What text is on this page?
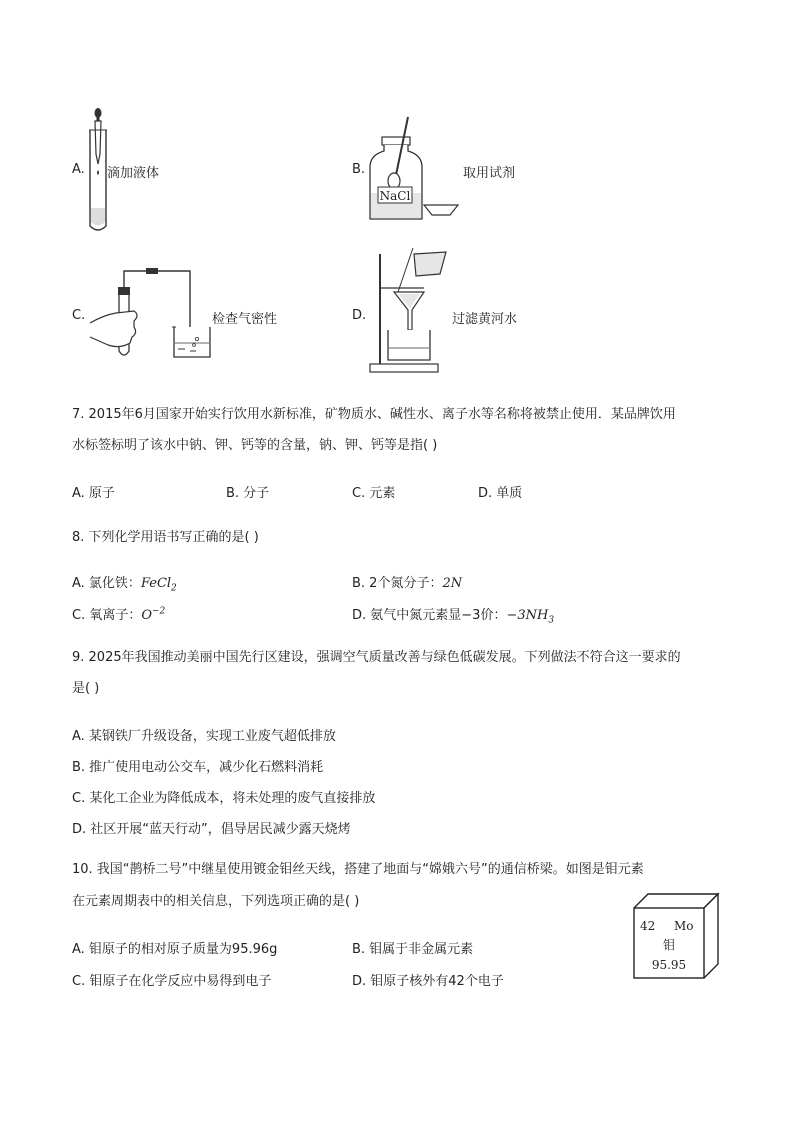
A. 滴加液体	B.
NaCl
取用试剂
C.	检查气密性	D.	过滤黄河水
7. 2015年6月国家开始实行饮用水新标准，矿物质水、碱性水、离子水等名称将被禁止使用．某品牌饮用
水标签标明了该水中钠、钾、钙等的含量，钠、钾、钙等是指( )
A. 原子	B. 分子	C. 元素	D. 单质
8. 下列化学用语书写正确的是( )
A. 氯化铁：FeCl$_2$	B. 2个氮分子：2N
C. 氧离子：$O^{-2}$	D. 氨气中氮元素显−3价：$-3NH_3$
9. 2025年我国推动美丽中国先行区建设，强调空气质量改善与绿色低碳发展。下列做法不符合这一要求的
是( )
A. 某钢铁厂升级设备，实现工业废气超低排放
B. 推广使用电动公交车，减少化石燃料消耗
C. 某化工企业为降低成本，将未处理的废气直接排放
D. 社区开展“蓝天行动”，倡导居民减少露天烧烤
10. 我国“鹊桥二号”中继星使用镀金钼丝天线，搭建了地面与“嫦娥六号”的通信桥梁。如图是钼元素
在元素周期表中的相关信息，下列选项正确的是( )
A. 钼原子的相对原子质量为95.96g	B. 钼属于非金属元素
C. 钼原子在化学反应中易得到电子	D. 钼原子核外有42个电子
42 Mo
钼
95.95
